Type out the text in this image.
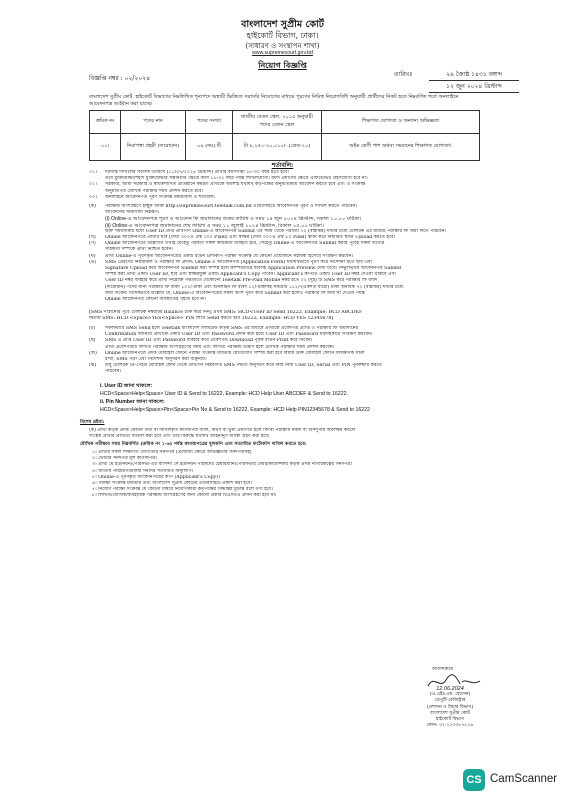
বাংলাদেশ সুপ্রীম কোর্ট
হাইকোর্ট বিভাগ, ঢাকা।
(সাধারণ ও সংস্থাপন শাখা)
www.supremecourt.gov.bd
নিয়োগ বিজ্ঞপ্তি
বিজ্ঞপ্তি নম্বর : ০২/২০২৪
তারিখঃ	২৯ জ্যৈষ্ঠ ১৪৩১ বঙ্গাব্দ
১২ জুন ২০২৪ খ্রিস্টাব্দ
বাংলাদেশ সুপ্রীম কোর্ট, হাইকোর্ট বিভাগের নিম্নলিখিত শূন্যপদে অস্থায়ী ভিত্তিতে সরাসরি নিয়োগের মাধ্যমে পূরণের নিমিত্ত নিয়োগবিধি অনুযায়ী প্রার্থীদের নিকট হতে নিম্নবর্ণিত শর্তে অনলাইনে আবেদনপত্র আহ্বান করা যাচ্ছে।
ক্রমিক নং	পদের নাম	পদের সংখ্যা	জাতীয় বেতন স্কেল, ২০১৫ অনুযায়ী পদের বেতন স্কেল	শিক্ষাগত যোগ্যতা ও অন্যান্য অভিজ্ঞতা
০১।	নিরাপত্তা প্রহরী (দারোয়ান)	০৯ (নয়) টি	টা ৮,২৫০-২০,০১০/- (গ্রেড-২০)	অষ্টম শ্রেণী পাশ অথবা সমমানের শিক্ষাগত যোগ্যতা।
শর্তাবলি:
০১। দরখাস্ত দাখিলের সর্বশেষ তারিখে (১১/০৭/২০২৪ খ্রিস্টাব্দ) প্রার্থীর বয়সসীমা ১৮-৩০ বছর হতে হবে।
তবে মুক্তিযোদ্ধা/শহীদ মুক্তিযোদ্ধার সন্তানদের ক্ষেত্রে বয়স ১৮-৩২ বছর পর্যন্ত শিথিলযোগ্য। বয়স প্রমাণের ক্ষেত্রে এফিডেভিট গ্রহণযোগ্য হবে না।
০২। সরকারি, আধা সরকারি ও স্বায়ত্তশাসিত প্রতিষ্ঠানে কর্মরত প্রার্থীকে অবশ্যই যথাযথ কর্তৃপক্ষের অনুমতিক্রমে আবেদন করতে হবে এবং এ সংক্রান্ত
অনুমতিপত্র মৌখিক পরীক্ষার সময় প্রদর্শন করতে হবে।
০৩। অনলাইনে আবেদনপত্র পূরণ সংক্রান্ত নিয়মাবলি ও শর্তাবলি:
(ক) পরীক্ষায় অংশগ্রহণে ইচ্ছুক ব্যক্তি http://supremecourt.teletalk.com.bd ওয়েবসাইটে আবেদনপত্র পূরণ ও দাখিল করতে পারবেন।
আবেদনের সময়সীমা নিম্নরূপ:
(i) Online-এ আবেদনপত্র পূরণ ও আবেদন ফি জমাদানের শুরুর তারিখ ও সময় ১৪ জুন ২০২৪ খ্রিস্টাব্দ, সকাল ১০.০০ ঘটিকা।
(ii) Online-এ আবেদনপত্র জমাদানের শেষ তারিখ ও সময় ১১ জুলাই ২০২৪ খ্রিস্টাব্দ, বিকাল ০৫.০০ ঘটিকা।
উক্ত সময়সীমার মধ্যে User ID প্রাপ্ত প্রার্থীগণ Online-এ আবেদনপত্র Submit এর সময় থেকে পরবর্তী ৭২ (বাহাত্তর) ঘণ্টার মধ্যে টেলিটক এর মাধ্যমে পরীক্ষার ফি জমা দিতে পারবেন।
(খ) Online আবেদনপত্রে প্রার্থীর ছবি (দৈর্ঘ্য ৩০০× প্রস্থ ৩০০ Pixel) এবং স্বাক্ষর (দৈর্ঘ্য ৩০০× প্রস্থ ৮০ Pixel) স্ক্যান করে নির্ধারিত স্থানে Upload করতে হবে।
(গ) Online আবেদনপত্রে উল্লিখিত তথ্যই যেহেতু পরবর্তী সকল কার্যক্রমে ব্যবহৃত হবে, সেহেতু Online-এ আবেদনপত্র Submit করার পূর্বেই সকল তথ্যের
সঠিকতা সম্পর্কে প্রার্থী নিশ্চিত হবেন।
(ঘ) প্রার্থী Online-এ পূরণকৃত আবেদনপত্রের একটি রঙিন প্রিন্টকপি পরীক্ষা সংক্রান্ত যে কোনো প্রয়োজনে সহায়ক হিসেবে সংরক্ষণ করবেন।
(ঙ) SMS প্রেরণের নিয়মাবলি ও পরীক্ষার ফি প্রদান: Online এ আবেদনপত্র (Application Form) যথাযথভাবে পূরণ করে নির্দেশনা মতে ছবি এবং
Signature Upload করে আবেদনপত্র Submit করা সম্পন্ন হলে কম্পিউটারে ছবিসহ Application Preview দেখা যাবে। নির্ভুলভাবে আবেদনপত্র Submit
সম্পন্ন করা প্রার্থী একটি User ID, ছবি এবং স্বাক্ষরযুক্ত একটি Applicant's Copy পাবেন। Applicant's কপিতে একটি User ID নম্বর দেওয়া থাকবে এবং
User ID নম্বর ব্যবহার করে প্রার্থী নিম্নোক্ত পদ্ধতিতে যেকোনো Teletalk Pre-Paid Mobile নম্বর হতে ০২ (দুই) টি SMS করে পরীক্ষার ফি বাবদ
(দারোয়ান) পদের জন্য পরীক্ষার ফি বাবদ ১০০/-টাকা এবং অনলাইন ফি বাবদ ১২/-টাকাসহ সর্বমোট ১১২/-(একশত বারো) টাকা অনধিক ৭২ (বাহাত্তর) ঘণ্টার মধ্যে
জমা দিবেন। বিশেষভাবে উল্লেখ্য যে, Online-এ আবেদনপত্রের সকল অংশ পূরণ করে Submit করা হলেও পরীক্ষার ফি জমা না দেওয়া পর্যন্ত
Online আবেদনপত্র কোনো অবস্থাতেই গৃহীত হবে না।
[SMS পাঠানোর পূর্বে টেলিটক নম্বরটির Balance চেক করে নিন] প্রথম SMS: HCD<User ID Send 16222, Example: HCD ABCDEF
দ্বিতীয় SMS: HCD <Space>YES<Space> PIN লিখে Send করতে হবে 16222, Example: HCD YES 12345678]
(চ) সফলভাবে SMS Send হলে Teletalk বাংলাদেশ লিমিটেড কর্তৃক SMS এর মাধ্যমে প্রার্থীকে প্রবেশপত্র প্রাপ্তি ও পরীক্ষার ফি জমাদানের
Confirmation জানিয়ে প্রার্থীকে একটি User ID এবং Password প্রদান করা হবে। User ID এবং Password যত্নসহকারে সংরক্ষণ করবেন।
(ছ) SMS এ প্রাপ্ত User ID এবং Password ব্যবহার করে প্রবেশপত্র Download পূর্বক রঙিন Print করে নিবেন।
প্রার্থী প্রবেশপত্রটি লিখিত পরীক্ষায় অংশগ্রহণের সময় এবং লিখিত পরীক্ষায় উত্তীর্ণ হলে মৌখিক পরীক্ষার সময় প্রদর্শন করবেন।
(জ) Online আবেদনপত্রে প্রদত্ত মোবাইল ফোনে পরীক্ষা সংক্রান্ত যাবতীয় যোগাযোগ সম্পন্ন করা হবে বিধায় উক্ত মোবাইল ফোনে সার্বক্ষণিক সচল
রাখা, SMS পড়া এবং নির্দেশনা অনুসরণ করা বাঞ্ছনীয়।
(ঝ) শুধু টেলিটক প্রি-পেইড মোবাইল ফোন থেকে প্রার্থীগণ নিম্নবর্ণিত SMS পদ্ধতি অনুসরণ করে নিজ নিজ User ID, Serial এবং PIN পুনরুদ্ধার করতে
পারবেন।
i. User ID জানা থাকলে:
HCD<Space>Help<Space> User ID & Send to 16222, Example: HCD Help User ABCDEF & Send to 16222.
ii. Pin Number জানা থাকলে:
HCD<Space>Help<Space>Pin<Space>Pin No & Send to 16222, Example: HCD Help PIN12345678 & Send to 16222
বিশেষ দ্রষ্টব্য:
(ক) প্রার্থী কর্তৃক প্রদত্ত কোনো তথ্য বা দাখিলকৃত কাগজপত্র জাল, মিথ্যা বা ভুয়া প্রমাণিত হলে কিংবা পরীক্ষায় নকল বা অসদুপায় অবলম্বন করলে
সংশ্লিষ্ট প্রার্থীর প্রার্থিতা বাতিল করা হবে এবং তার বিরুদ্ধে যথাযথ আইনানুগ ব্যবস্থা গ্রহণ করা হবে।
মৌখিক পরীক্ষার সময় নিম্নবর্ণিত (ক্রমিক নং ১-৬) পর্যন্ত কাগজপত্রের মূলকপি এবং সত্যায়িত ফটোকপি দাখিল করতে হবে:
১। প্রার্থীর সকল শিক্ষাগত যোগ্যতার সনদপত্র (প্রয়োজ্য ক্ষেত্রে অভিজ্ঞতার সনদপত্রসহ)
২। ভোটার সনদপত্র মূল কাগজপত্র।
৩। প্রার্থী যে ইউনিয়ন/পৌরসভা-এর বাসিন্দা সে ইউনিয়ন পরিষদের চেয়ারম্যান/পৌরসভার মেয়র/কাউন্সিলর কর্তৃক প্রদত্ত নাগরিকত্বের সনদপত্র।
৪। জাতীয় পরিচয়পত্র/জন্ম সনদের সত্যায়িত অনুলিপি।
৫। Online-এ পূরণকৃত আবেদনপত্রের কপি (Applicant's Copy)।
৬। পরীক্ষা সংক্রান্ত যাবতীয় তথ্য বাংলাদেশ সুপ্রীম কোর্টের ওয়েবসাইটে প্রকাশ করা হবে।
৭। নিয়োগ পরীক্ষা সংক্রান্ত যে কোনো বিষয়ে নিয়োগকারী কর্তৃপক্ষের সিদ্ধান্তই চূড়ান্ত বলে গণ্য হবে।
৮। লিখিত/মৌখিক/ব্যবহারিক পরীক্ষায় অংশগ্রহণের জন্য কোনো প্রকার টিএ/ডিএ প্রদান করা হবে না।
আদেশক্রমে
12.06.2024
(এ.এইচ.এম. হোসেন)
ডেপুটি রেজিস্ট্রার
(প্রশাসন ও বিচার বিভাগ)
বাংলাদেশ সুপ্রীম কোর্ট
হাইকোর্ট বিভাগ
ফোন: ০২-২২৩৩৮৭৮২৬
CS CamScanner
